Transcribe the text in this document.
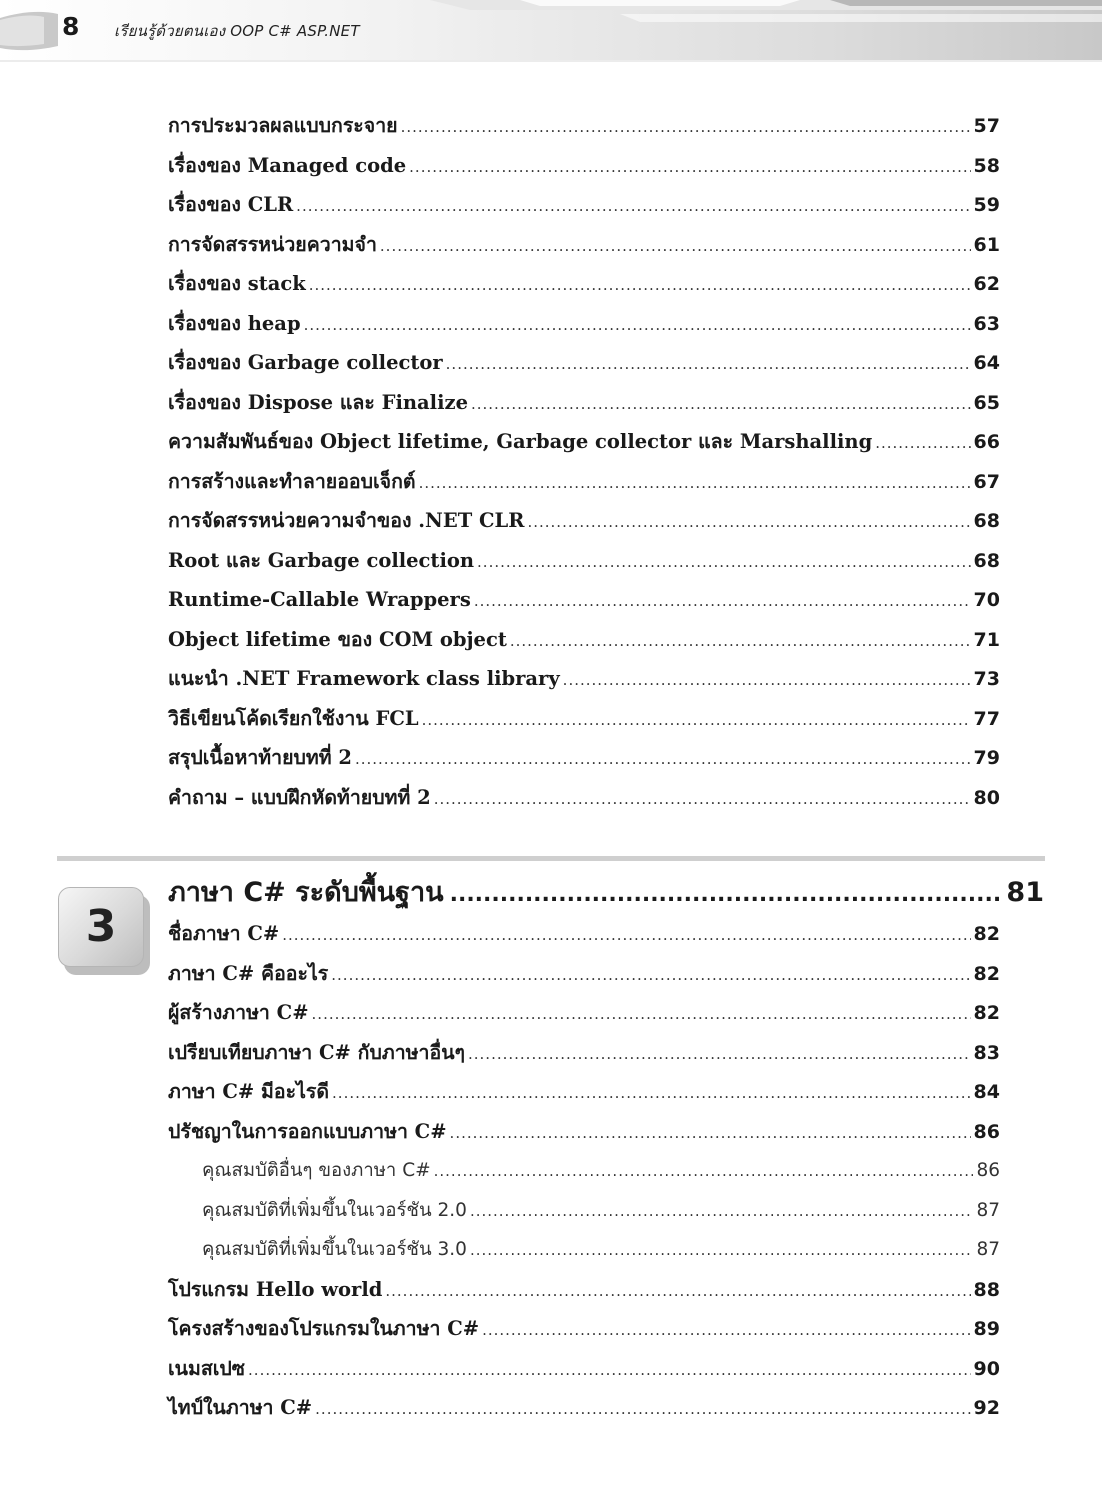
8 เรียนรู้ด้วยตนเอง OOP C# ASP.NET
การประมวลผลแบบกระจาย .....	57
เรื่องของ Managed code .....	58
เรื่องของ CLR .....	59
การจัดสรรหน่วยความจำ .....	61
เรื่องของ stack .....	62
เรื่องของ heap .....	63
เรื่องของ Garbage collector .....	64
เรื่องของ Dispose และ Finalize .....	65
ความสัมพันธ์ของ Object lifetime, Garbage collector และ Marshalling .....	66
การสร้างและทำลายออบเจ็กต์ .....	67
การจัดสรรหน่วยความจำของ .NET CLR .....	68
Root และ Garbage collection .....	68
Runtime-Callable Wrappers .....	70
Object lifetime ของ COM object .....	71
แนะนำ .NET Framework class library .....	73
วิธีเขียนโค้ดเรียกใช้งาน FCL .....	77
สรุปเนื้อหาท้ายบทที่ 2 .....	79
คำถาม – แบบฝึกหัดท้ายบทที่ 2 .....	80
3
ภาษา C# ระดับพื้นฐาน .....	81
ชื่อภาษา C# .....	82
ภาษา C# คืออะไร .....	82
ผู้สร้างภาษา C# .....	82
เปรียบเทียบภาษา C# กับภาษาอื่นๆ .....	83
ภาษา C# มีอะไรดี .....	84
ปรัชญาในการออกแบบภาษา C# .....	86
คุณสมบัติอื่นๆ ของภาษา C# .....	86
คุณสมบัติที่เพิ่มขึ้นในเวอร์ชัน 2.0 .....	87
คุณสมบัติที่เพิ่มขึ้นในเวอร์ชัน 3.0 .....	87
โปรแกรม Hello world .....	88
โครงสร้างของโปรแกรมในภาษา C# .....	89
เนมสเปซ .....	90
ไทป์ในภาษา C# .....	92
